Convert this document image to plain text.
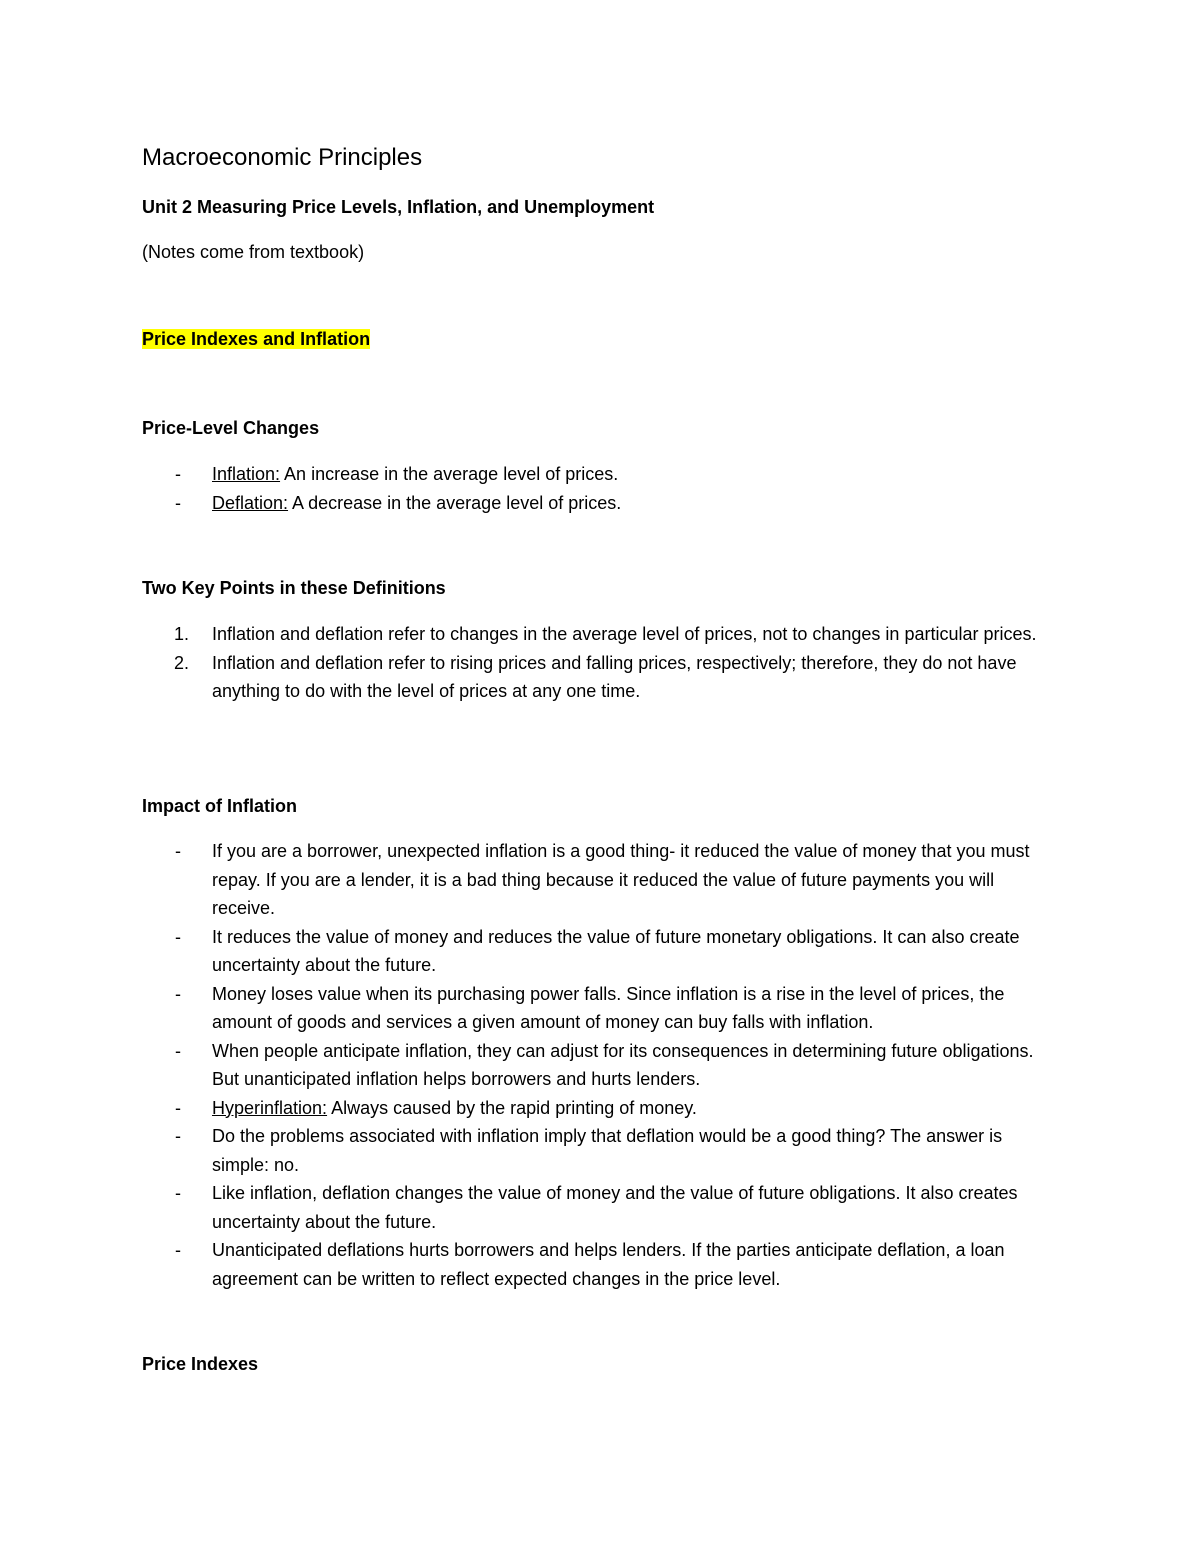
Macroeconomic Principles

Unit 2 Measuring Price Levels, Inflation, and Unemployment

(Notes come from textbook)

Price Indexes and Inflation

Price-Level Changes

- Inflation: An increase in the average level of prices.
- Deflation: A decrease in the average level of prices.

Two Key Points in these Definitions

1. Inflation and deflation refer to changes in the average level of prices, not to changes in particular prices.
2. Inflation and deflation refer to rising prices and falling prices, respectively; therefore, they do not have anything to do with the level of prices at any one time.

Impact of Inflation

- If you are a borrower, unexpected inflation is a good thing- it reduced the value of money that you must repay. If you are a lender, it is a bad thing because it reduced the value of future payments you will receive.
- It reduces the value of money and reduces the value of future monetary obligations. It can also create uncertainty about the future.
- Money loses value when its purchasing power falls. Since inflation is a rise in the level of prices, the amount of goods and services a given amount of money can buy falls with inflation.
- When people anticipate inflation, they can adjust for its consequences in determining future obligations. But unanticipated inflation helps borrowers and hurts lenders.
- Hyperinflation: Always caused by the rapid printing of money.
- Do the problems associated with inflation imply that deflation would be a good thing? The answer is simple: no.
- Like inflation, deflation changes the value of money and the value of future obligations. It also creates uncertainty about the future.
- Unanticipated deflations hurts borrowers and helps lenders. If the parties anticipate deflation, a loan agreement can be written to reflect expected changes in the price level.

Price Indexes
